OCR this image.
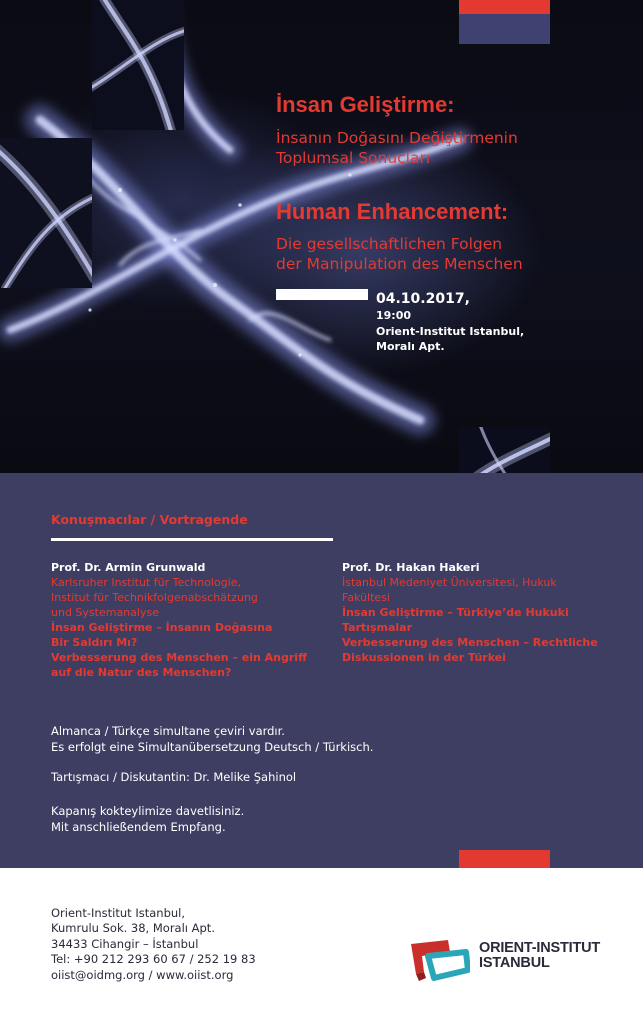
İnsan Geliştirme:
İnsanın Doğasını Değiştirmenin
Toplumsal Sonuçları
Human Enhancement:
Die gesellschaftlichen Folgen
der Manipulation des Menschen
04.10.2017,
19:00
Orient-Institut Istanbul,
Moralı Apt.
Konuşmacılar / Vortragende
Prof. Dr. Armin Grunwald
Karlsruher Institut für Technologie,
Institut für Technikfolgenabschätzung
und Systemanalyse
İnsan Geliştirme – İnsanın Doğasına
Bir Saldırı Mı?
Verbesserung des Menschen – ein Angriff
auf die Natur des Menschen?
Prof. Dr. Hakan Hakeri
İstanbul Medeniyet Üniversitesi, Hukuk
Fakültesi
İnsan Geliştirme – Türkiye’de Hukuki
Tartışmalar
Verbesserung des Menschen – Rechtliche
Diskussionen in der Türkei
Almanca / Türkçe simultane çeviri vardır.
Es erfolgt eine Simultanübersetzung Deutsch / Türkisch.
Tartışmacı / Diskutantin: Dr. Melike Şahinol
Kapanış kokteylimize davetlisiniz.
Mit anschließendem Empfang.
Orient-Institut Istanbul,
Kumrulu Sok. 38, Moralı Apt.
34433 Cihangir – İstanbul
Tel: +90 212 293 60 67 / 252 19 83
oiist@oidmg.org / www.oiist.org
ORIENT-INSTITUT
ISTANBUL
